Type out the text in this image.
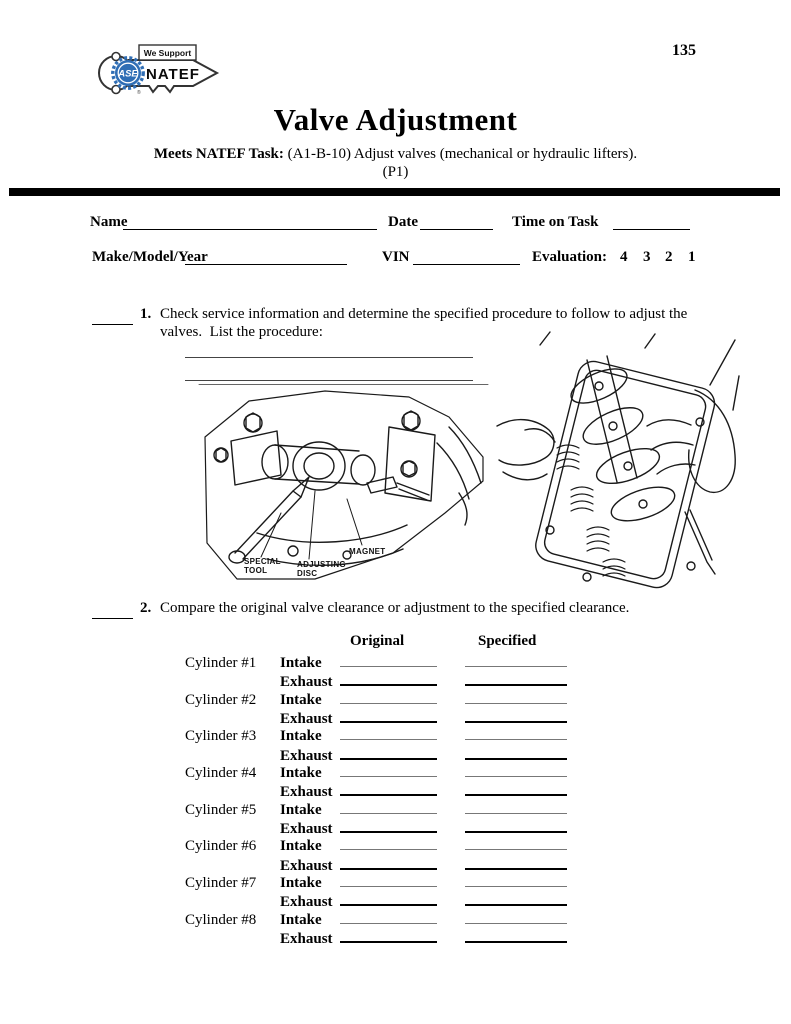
We Support
ASE NATEF
®
135
Valve Adjustment
Meets NATEF Task: (A1-B-10) Adjust valves (mechanical or hydraulic lifters).
(P1)
Name	Date	Time on Task
Make/Model/Year	VIN	Evaluation: 4 3 2 1
1. Check service information and determine the specified procedure to follow to adjust the valves.  List the procedure:
SPECIAL
TOOL
ADJUSTING
DISC
MAGNET
2. Compare the original valve clearance or adjustment to the specified clearance.
Original	Specified
Cylinder #1	Intake
Exhaust
Cylinder #2	Intake
Exhaust
Cylinder #3	Intake
Exhaust
Cylinder #4	Intake
Exhaust
Cylinder #5	Intake
Exhaust
Cylinder #6	Intake
Exhaust
Cylinder #7	Intake
Exhaust
Cylinder #8	Intake
Exhaust
